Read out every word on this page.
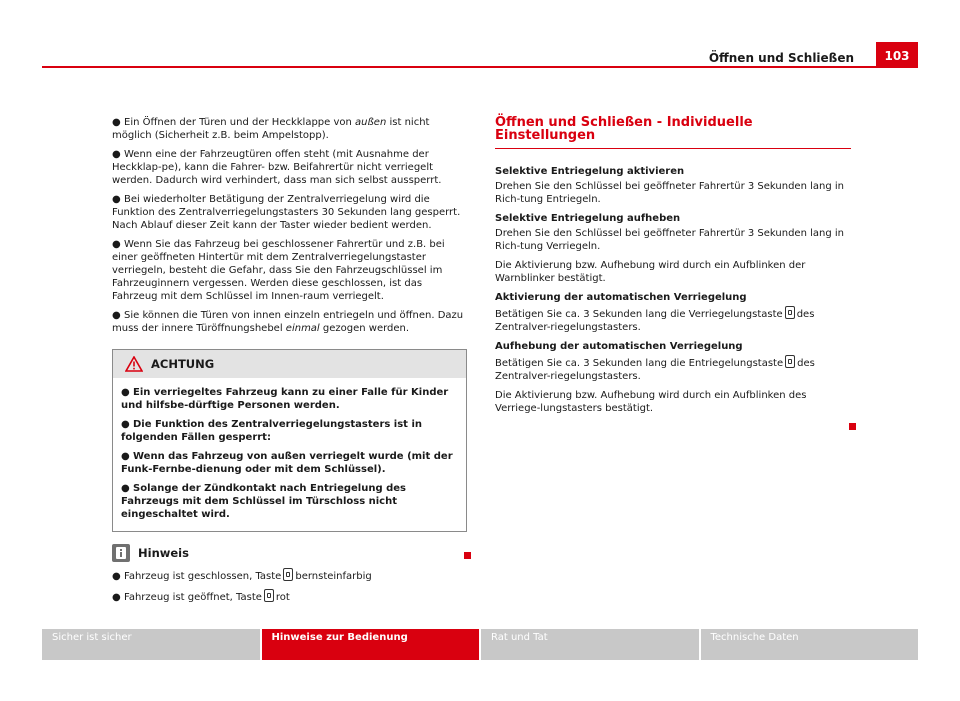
Öffnen und Schließen	103
● Ein Öffnen der Türen und der Heckklappe von außen ist nicht möglich (Sicherheit z.B. beim Ampelstopp).
● Wenn eine der Fahrzeugtüren offen steht (mit Ausnahme der Heckklap-pe), kann die Fahrer- bzw. Beifahrertür nicht verriegelt werden. Dadurch wird verhindert, dass man sich selbst aussperrt.
● Bei wiederholter Betätigung der Zentralverriegelung wird die Funktion des Zentralverriegelungstasters 30 Sekunden lang gesperrt. Nach Ablauf dieser Zeit kann der Taster wieder bedient werden.
● Wenn Sie das Fahrzeug bei geschlossener Fahrertür und z.B. bei einer geöffneten Hintertür mit dem Zentralverriegelungstaster verriegeln, besteht die Gefahr, dass Sie den Fahrzeugschlüssel im Fahrzeuginnern vergessen. Werden diese geschlossen, ist das Fahrzeug mit dem Schlüssel im Innen-raum verriegelt.
● Sie können die Türen von innen einzeln entriegeln und öffnen. Dazu muss der innere Türöffnungshebel einmal gezogen werden.
ACHTUNG
● Ein verriegeltes Fahrzeug kann zu einer Falle für Kinder und hilfsbe-dürftige Personen werden.
● Die Funktion des Zentralverriegelungstasters ist in folgenden Fällen gesperrt:
● Wenn das Fahrzeug von außen verriegelt wurde (mit der Funk-Fernbe-dienung oder mit dem Schlüssel).
● Solange der Zündkontakt nach Entriegelung des Fahrzeugs mit dem Schlüssel im Türschloss nicht eingeschaltet wird.
Hinweis
● Fahrzeug ist geschlossen, Taste bernsteinfarbig
● Fahrzeug ist geöffnet, Taste rot
Öffnen und Schließen - Individuelle Einstellungen

Selektive Entriegelung aktivieren

Drehen Sie den Schlüssel bei geöffneter Fahrertür 3 Sekunden lang in Rich-tung Entriegeln.

Selektive Entriegelung aufheben

Drehen Sie den Schlüssel bei geöffneter Fahrertür 3 Sekunden lang in Rich-tung Verriegeln.

Die Aktivierung bzw. Aufhebung wird durch ein Aufblinken der Warnblinker bestätigt.

Aktivierung der automatischen Verriegelung

Betätigen Sie ca. 3 Sekunden lang die Verriegelungstaste des Zentralver-riegelungstasters.

Aufhebung der automatischen Verriegelung

Betätigen Sie ca. 3 Sekunden lang die Entriegelungstaste des Zentralver-riegelungstasters.

Die Aktivierung bzw. Aufhebung wird durch ein Aufblinken des Verriege-lungstasters bestätigt.

Sicher ist sicher	Hinweise zur Bedienung	Rat und Tat	Technische Daten
